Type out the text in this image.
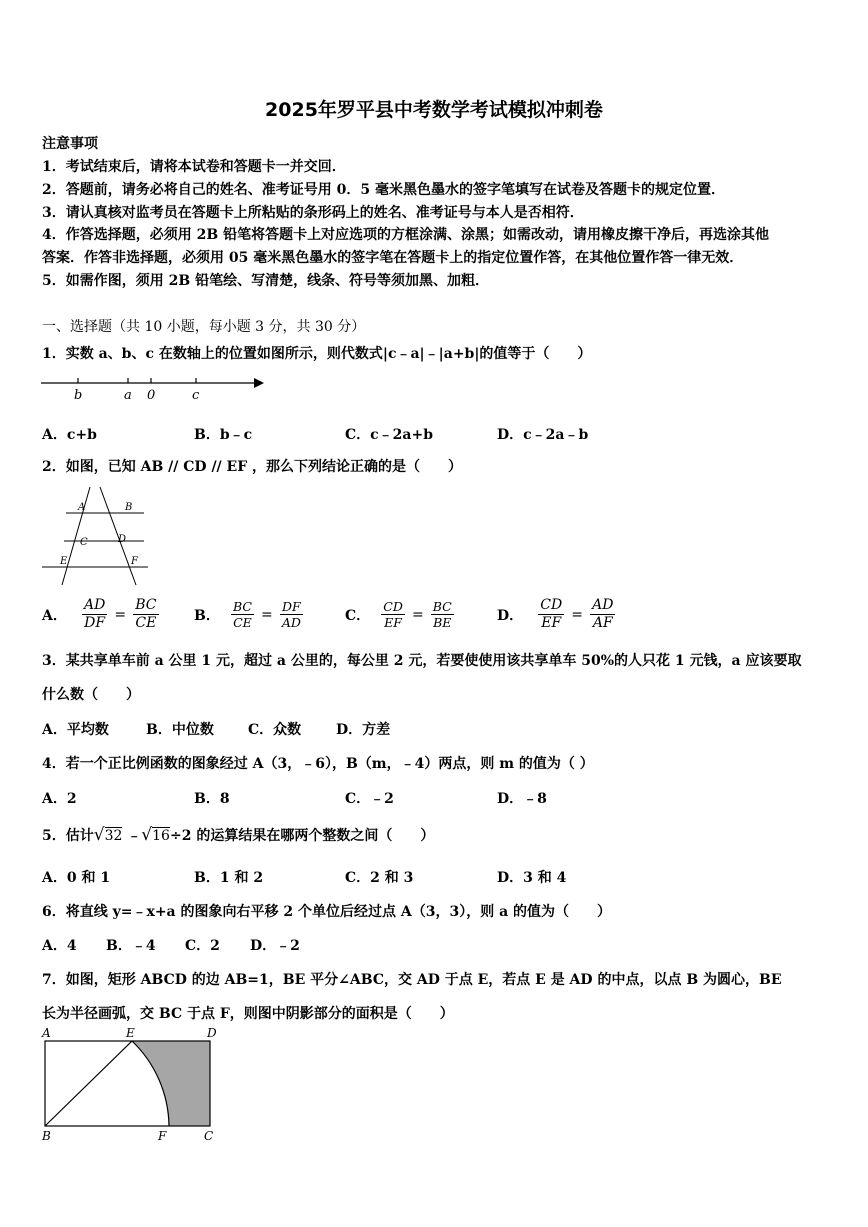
2025年罗平县中考数学考试模拟冲刺卷
注意事项
1．考试结束后，请将本试卷和答题卡一并交回．
2．答题前，请务必将自己的姓名、准考证号用 0．5 毫米黑色墨水的签字笔填写在试卷及答题卡的规定位置．
3．请认真核对监考员在答题卡上所粘贴的条形码上的姓名、准考证号与本人是否相符．
4．作答选择题，必须用 2B 铅笔将答题卡上对应选项的方框涂满、涂黑；如需改动，请用橡皮擦干净后，再选涂其他
答案．作答非选择题，必须用 05 毫米黑色墨水的签字笔在答题卡上的指定位置作答，在其他位置作答一律无效．
5．如需作图，须用 2B 铅笔绘、写清楚，线条、符号等须加黑、加粗．
一、选择题（共 10 小题，每小题 3 分，共 30 分）
1．实数 a、b、c 在数轴上的位置如图所示，则代数式|c﹣a|﹣|a+b|的值等于（　　）
b	a 0	c
A．c+b	B．b﹣c	C．c﹣2a+b	D．c﹣2a﹣b
2．如图，已知 AB // CD // EF ，那么下列结论正确的是（　　）
A	B
C	D
E	F
A． $\frac{AD}{DF} = \frac{BC}{CE}$	B． $\frac{BC}{CE} = \frac{DF}{AD}$	C． $\frac{CD}{EF} = \frac{BC}{BE}$	D． $\frac{CD}{EF} = \frac{AD}{AF}$
3．某共享单车前 a 公里 1 元，超过 a 公里的，每公里 2 元，若要使使用该共享单车 50%的人只花 1 元钱，a 应该要取
什么数（　　）
A．平均数	B．中位数 C．众数 D．方差
4．若一个正比例函数的图象经过 A（3，﹣6），B（m，﹣4）两点，则 m 的值为（ ）
A．2	B．8	C．﹣2	D．﹣8
5．估计√32 ﹣√16÷2 的运算结果在哪两个整数之间（　　）
A．0 和 1	B．1 和 2	C．2 和 3	D．3 和 4
6．将直线 y=﹣x+a 的图象向右平移 2 个单位后经过点 A（3，3），则 a 的值为（　　）
A．4 B．﹣4 C．2 D．﹣2
7．如图，矩形 ABCD 的边 AB=1，BE 平分∠ABC，交 AD 于点 E，若点 E 是 AD 的中点，以点 B 为圆心，BE
长为半径画弧，交 BC 于点 F，则图中阴影部分的面积是（　　）
A	E	D
B	F	C
